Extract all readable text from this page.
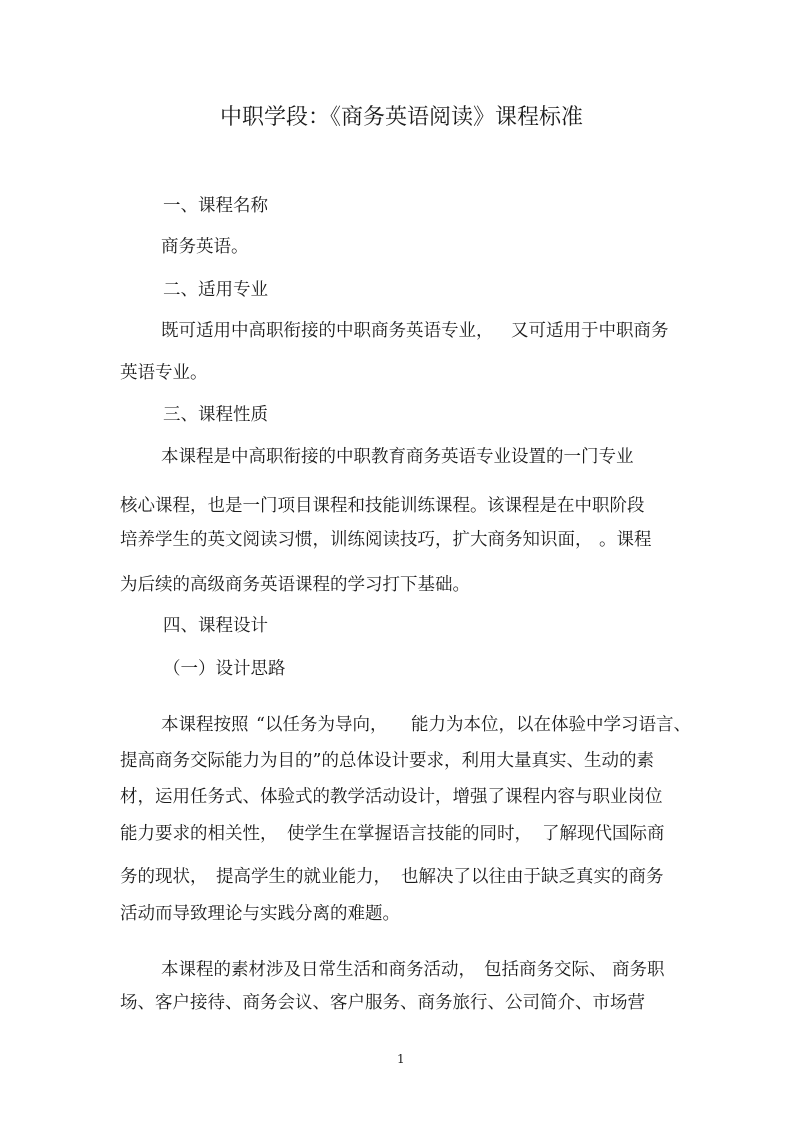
中职学段：《商务英语阅读》课程标准
一、课程名称
商务英语。
二、适用专业
既可适用中高职衔接的中职商务英语专业， 又可适用于中职商务
英语专业。
三、课程性质
本课程是中高职衔接的中职教育商务英语专业设置的一门专业
核心课程，也是一门项目课程和技能训练课程。 该课程是在中职阶段
培养学生的英文阅读习惯，训练阅读技巧，扩大商务知识面， 。课程
为后续的高级商务英语课程的学习打下基础。
四、课程设计
（一）设计思路
本课程按照 “以任务为导向， 能力为本位，以在体验中学习语言、
提高商务交际能力为目的”的总体设计要求，利用大量真实、生动的素
材，运用任务式、体验式的教学活动设计，增强了课程内容与职业岗位
能力要求的相关性， 使学生在掌握语言技能的同时， 了解现代国际商
务的现状， 提高学生的就业能力， 也解决了以往由于缺乏真实的商务
活动而导致理论与实践分离的难题。
本课程的素材涉及日常生活和商务活动， 包括商务交际、 商务职
场、客户接待、商务会议、客户服务、商务旅行、公司简介、市场营
1
